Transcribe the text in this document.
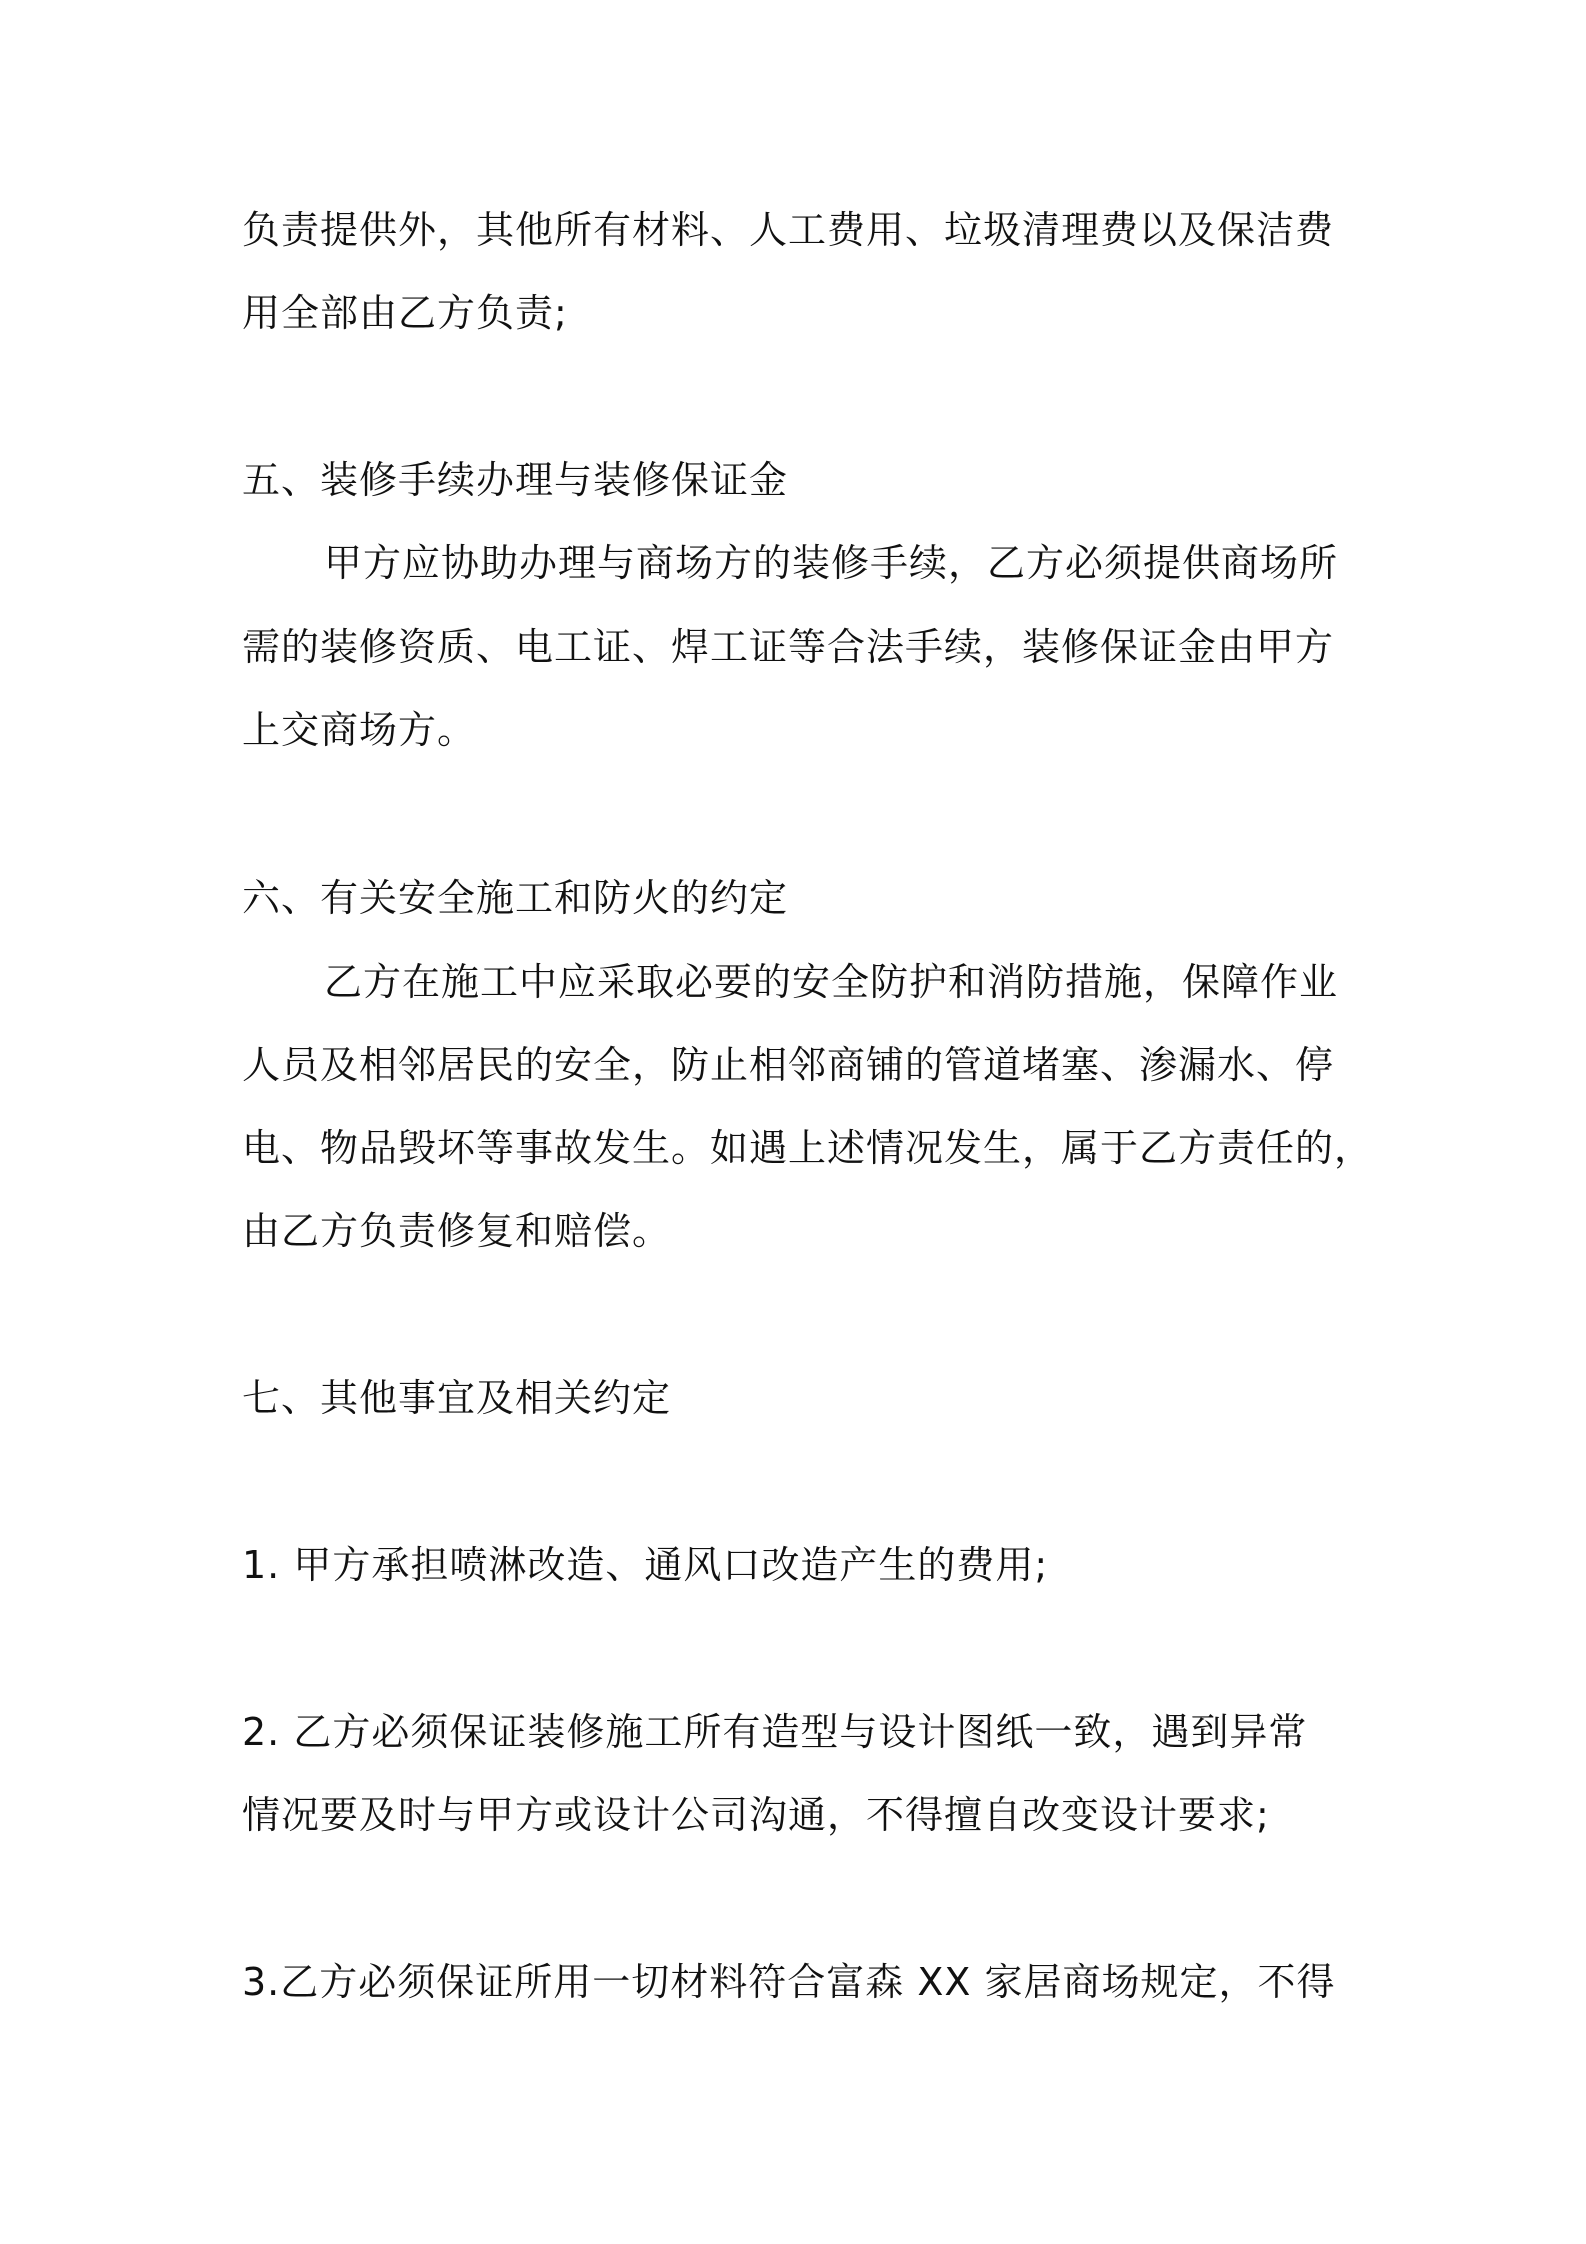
负责提供外，其他所有材料、人工费用、垃圾清理费以及保洁费
用全部由乙方负责;
五、装修手续办理与装修保证金
甲方应协助办理与商场方的装修手续，乙方必须提供商场所
需的装修资质、电工证、焊工证等合法手续，装修保证金由甲方
上交商场方。
六、有关安全施工和防火的约定
乙方在施工中应采取必要的安全防护和消防措施，保障作业
人员及相邻居民的安全，防止相邻商铺的管道堵塞、渗漏水、停
电、物品毁坏等事故发生。如遇上述情况发生，属于乙方责任的，
由乙方负责修复和赔偿。
七、其他事宜及相关约定
1. 甲方承担喷淋改造、通风口改造产生的费用;
2. 乙方必须保证装修施工所有造型与设计图纸一致，遇到异常
情况要及时与甲方或设计公司沟通，不得擅自改变设计要求;
3.乙方必须保证所用一切材料符合富森 XX 家居商场规定，不得
